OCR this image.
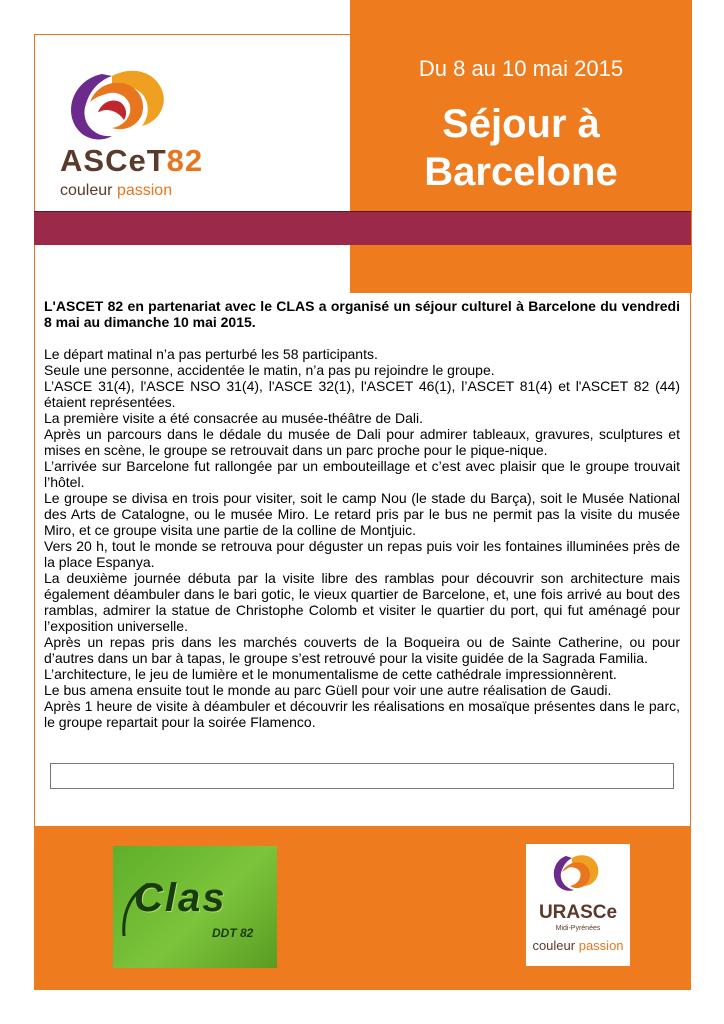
Du 8 au 10 mai 2015
Séjour à
Barcelone
ASCeT82
couleur passion

L'ASCET 82 en partenariat avec le CLAS a organisé un séjour culturel à Barcelone du vendredi 8 mai au dimanche 10 mai 2015.

Le départ matinal n’a pas perturbé les 58 participants.

Seule une personne, accidentée le matin, n’a pas pu rejoindre le groupe.

L’ASCE 31(4), l'ASCE NSO 31(4), l'ASCE 32(1), l'ASCET 46(1), l’ASCET 81(4) et l'ASCET 82 (44) étaient représentées.

La première visite a été consacrée au musée-théâtre de Dali.

Après un parcours dans le dédale du musée de Dali pour admirer tableaux, gravures, sculptures et mises en scène, le groupe se retrouvait dans un parc proche pour le pique-nique.

L’arrivée sur Barcelone fut rallongée par un embouteillage et c’est avec plaisir que le groupe trouvait l’hôtel.

Le groupe se divisa en trois pour visiter, soit le camp Nou (le stade du Barça), soit le Musée National des Arts de Catalogne, ou le musée Miro. Le retard pris par le bus ne permit pas la visite du musée Miro, et ce groupe visita une partie de la colline de Montjuic.

Vers 20 h, tout le monde se retrouva pour déguster un repas puis voir les fontaines illuminées près de la place Espanya.

La deuxième journée débuta par la visite libre des ramblas pour découvrir son architecture mais également déambuler dans le bari gotic, le vieux quartier de Barcelone, et, une fois arrivé au bout des ramblas, admirer la statue de Christophe Colomb et visiter le quartier du port, qui fut aménagé pour l’exposition universelle.

Après un repas pris dans les marchés couverts de la Boqueira ou de Sainte Catherine, ou pour d’autres dans un bar à tapas, le groupe s’est retrouvé pour la visite guidée de la Sagrada Familia.

L’architecture, le jeu de lumière et le monumentalisme de cette cathédrale impressionnèrent.

Le bus amena ensuite tout le monde au parc Güell pour voir une autre réalisation de Gaudi.

Après 1 heure de visite à déambuler et découvrir les réalisations en mosaïque présentes dans le parc, le groupe repartait pour la soirée Flamenco.

Clas
DDT 82
URASCe
Midi-Pyrénées
couleur passion
